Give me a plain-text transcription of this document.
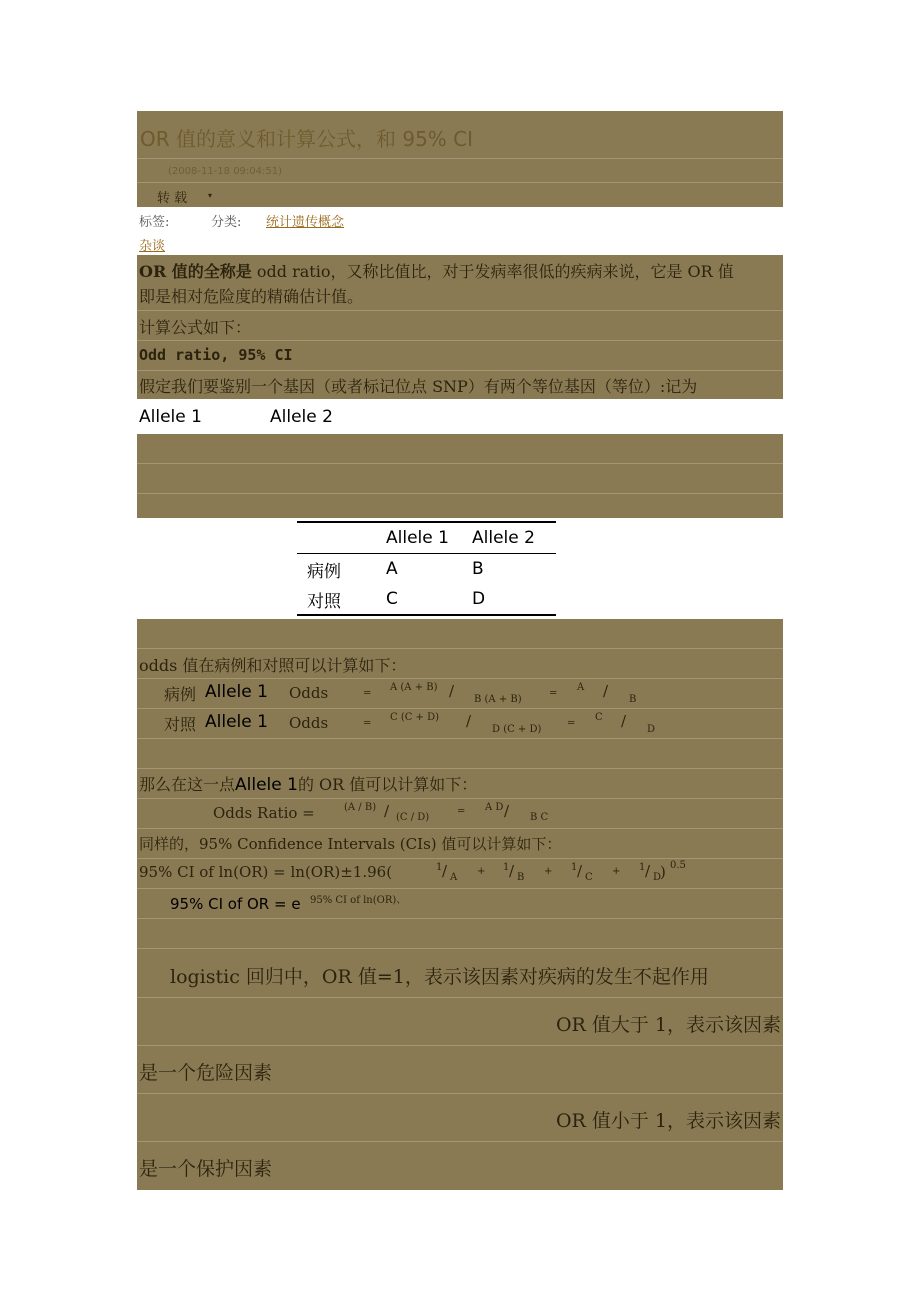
OR 值的意义和计算公式，和 95% CI
(2008-11-18 09:04:51)
转 载	▾
标签:	分类: 统计遗传概念
杂谈
OR 值的全称是 odd ratio，又称比值比，对于发病率很低的疾病来说，它是 OR 值
即是相对危险度的精确估计值。
计算公式如下：
Odd ratio, 95% CI
假定我们要鉴别一个基因（或者标记位点 SNP）有两个等位基因（等位）:记为
Allele 1	Allele 2
odds 值在病例和对照可以计算如下：
病例 Allele 1 Odds	=
A (A + B) / B (A + B)
=
A / B
对照 Allele 1 Odds	=
C (C + D) / D (C + D)
=
C / D
那么在这一点Allele 1的 OR 值可以计算如下：
Odds Ratio =	(A / B) / (C / D)
= A D / B C
同样的，95% Confidence Intervals (CIs) 值可以计算如下：
95% CI of ln(OR) = ln(OR)±1.96(	1 / A
+ 1 / B
+ 1 / C
+ 1 / D
) 0.5
95% CI of OR = e 95% CI of ln(OR)、
logistic 回归中，OR 值=1，表示该因素对疾病的发生不起作用
OR 值大于 1，表示该因素
是一个危险因素
OR 值小于 1，表示该因素
是一个保护因素
	Allele 1	Allele 2
病例	A	B
对照	C	D
